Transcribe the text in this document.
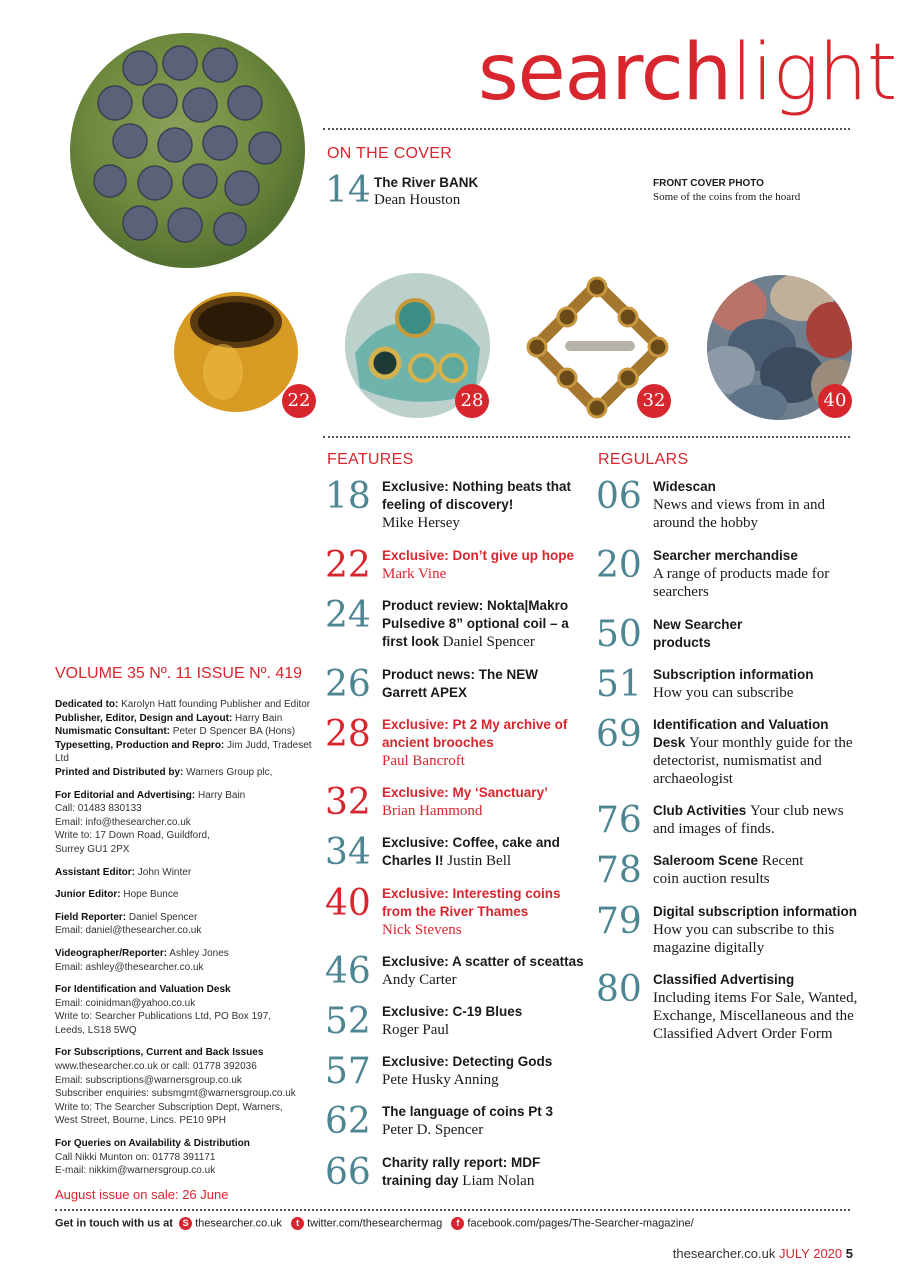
searchlight
ON THE COVER
14 The River BANK
Dean Houston
FRONT COVER PHOTO
Some of the coins from the hoard
22	28	32	40
FEATURES
18 Exclusive: Nothing beats that feeling of discovery!
Mike Hersey
22 Exclusive: Don’t give up hope
Mark Vine
24 Product review: Nokta|Makro Pulsedive 8” optional coil – a first look Daniel Spencer
26 Product news: The NEW Garrett APEX
28 Exclusive: Pt 2 My archive of ancient brooches
Paul Bancroft
32 Exclusive: My ‘Sanctuary’
Brian Hammond
34 Exclusive: Coffee, cake and Charles I! Justin Bell
40 Exclusive: Interesting coins from the River Thames
Nick Stevens
46 Exclusive: A scatter of sceattas
Andy Carter
52 Exclusive: C-19 Blues
Roger Paul
57 Exclusive: Detecting Gods
Pete Husky Anning
62 The language of coins Pt 3
Peter D. Spencer
66 Charity rally report: MDF training day Liam Nolan
REGULARS
06 Widescan
News and views from in and around the hobby
20 Searcher merchandise
A range of products made for searchers
50 New Searcher products
51 Subscription information
How you can subscribe
69 Identification and Valuation Desk Your monthly guide for the detectorist, numismatist and archaeologist
76 Club Activities Your club news and images of finds.
78 Saleroom Scene Recent coin auction results
79 Digital subscription information
How you can subscribe to this magazine digitally
80 Classified Advertising
Including items For Sale, Wanted, Exchange, Miscellaneous and the Classified Advert Order Form
VOLUME 35 Nº. 11 ISSUE Nº. 419
Dedicated to: Karolyn Hatt founding Publisher and Editor
Publisher, Editor, Design and Layout: Harry Bain
Numismatic Consultant: Peter D Spencer BA (Hons)
Typesetting, Production and Repro: Jim Judd, Tradeset Ltd
Printed and Distributed by: Warners Group plc,
For Editorial and Advertising: Harry Bain
Call: 01483 830133
Email: info@thesearcher.co.uk
Write to: 17 Down Road, Guildford,
Surrey GU1 2PX
Assistant Editor: John Winter
Junior Editor: Hope Bunce
Field Reporter: Daniel Spencer
Email: daniel@thesearcher.co.uk
Videographer/Reporter: Ashley Jones
Email: ashley@thesearcher.co.uk
For Identification and Valuation Desk
Email: coinidman@yahoo.co.uk
Write to: Searcher Publications Ltd, PO Box 197,
Leeds, LS18 5WQ
For Subscriptions, Current and Back Issues
www.thesearcher.co.uk or call: 01778 392036
Email: subscriptions@warnersgroup.co.uk
Subscriber enquiries: subsmgmt@warnersgroup.co.uk
Write to: The Searcher Subscription Dept, Warners,
West Street, Bourne, Lincs. PE10 9PH
For Queries on Availability & Distribution
Call Nikki Munton on: 01778 391171
E-mail: nikkim@warnersgroup.co.uk
August issue on sale: 26 June
Get in touch with us at S thesearcher.co.uk t twitter.com/thesearchermag f facebook.com/pages/The-Searcher-magazine/
thesearcher.co.uk JULY 2020 5
